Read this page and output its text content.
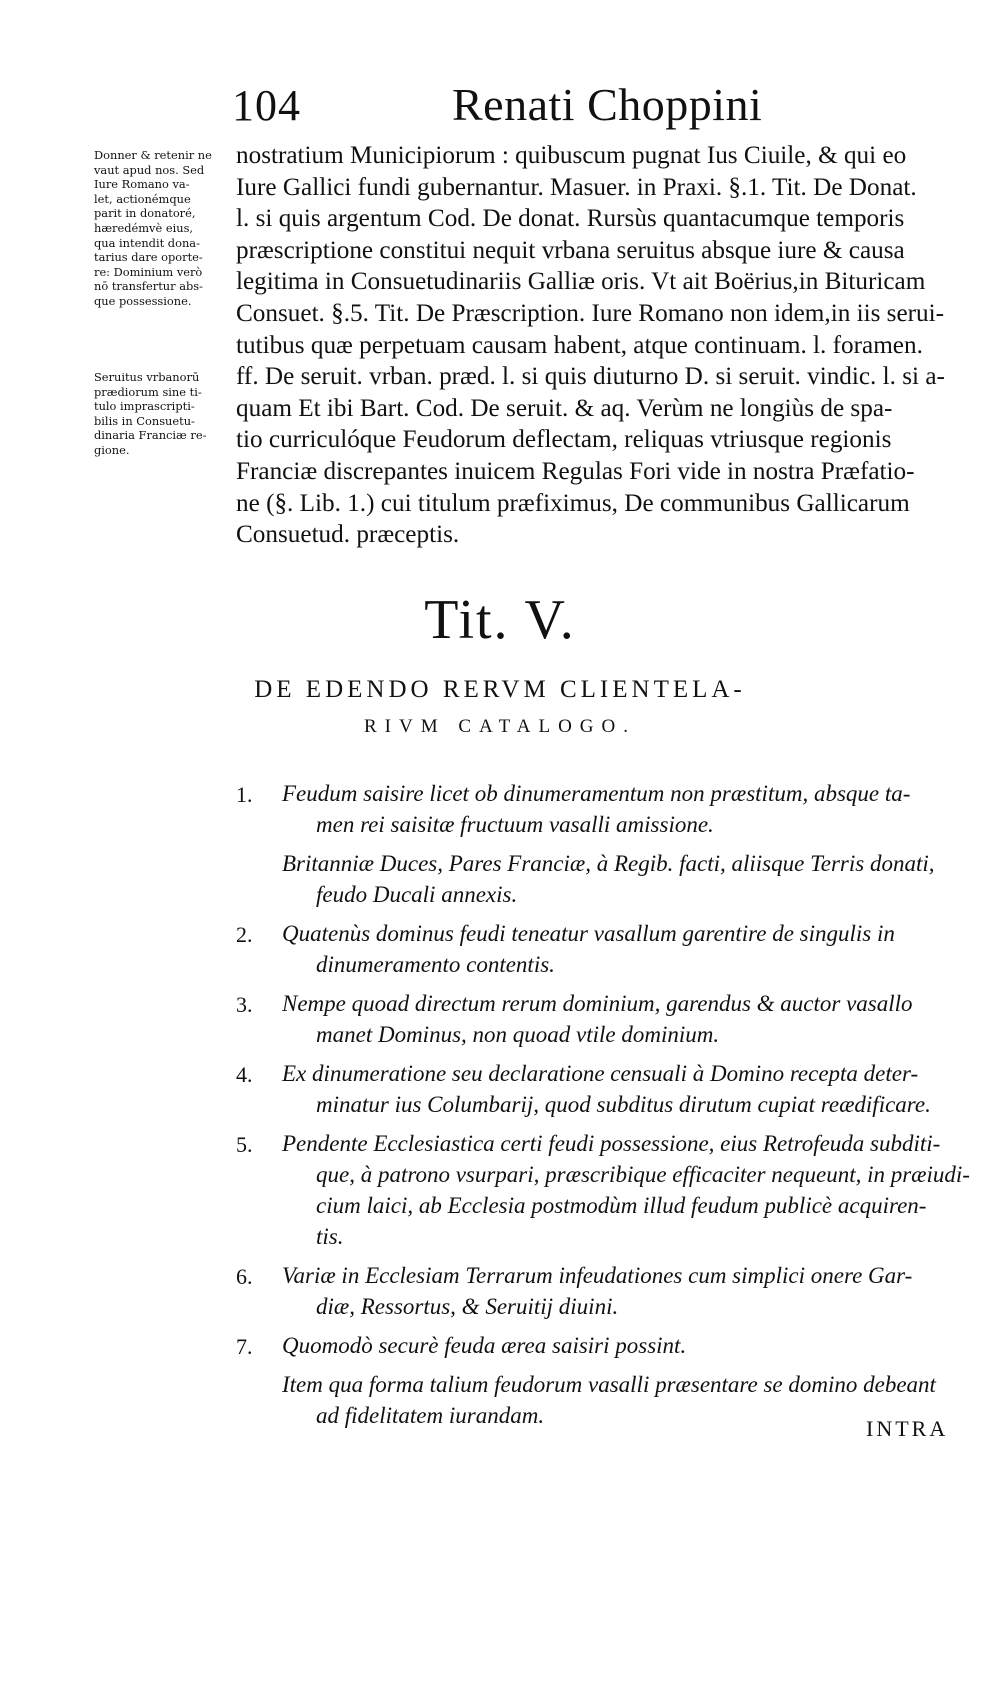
104	Renati Choppini
Donner & retenir ne
vaut apud nos. Sed
Iure Romano va-
let, actionémque
parit in donatoré,
hæredémvè eius,
qua intendit dona-
tarius dare oporte-
re: Dominium verò
nō transfertur abs-
que possessione.
Seruitus vrbanorū
prædiorum sine ti-
tulo imprascripti-
bilis in Consuetu-
dinaria Franciæ re-
gione.
nostratium Municipiorum : quibuscum pugnat Ius Ciuile, & qui eo
Iure Gallici fundi gubernantur. Masuer. in Praxi. §.1. Tit. De Donat.
l. si quis argentum Cod. De donat. Rursùs quantacumque temporis
præscriptione constitui nequit vrbana seruitus absque iure & causa
legitima in Consuetudinariis Galliæ oris. Vt ait Boërius,in Bituricam
Consuet. §.5. Tit. De Præscription. Iure Romano non idem,in iis serui-
tutibus quæ perpetuam causam habent, atque continuam. l. foramen.
ff. De seruit. vrban. præd. l. si quis diuturno D. si seruit. vindic. l. si a-
quam Et ibi Bart. Cod. De seruit. & aq. Verùm ne longiùs de spa-
tio curriculóque Feudorum deflectam, reliquas vtriusque regionis
Franciæ discrepantes inuicem Regulas Fori vide in nostra Præfatio-
ne (§. Lib. 1.) cui titulum præfiximus, De communibus Gallicarum
Consuetud. præceptis.
Tit. V.
DE EDENDO RERVM CLIENTELA-
RIVM CATALOGO.
1. Feudum saisire licet ob dinumeramentum non præstitum, absque ta-
men rei saisitæ fructuum vasalli amissione.
Britanniæ Duces, Pares Franciæ, à Regib. facti, aliisque Terris donati,
feudo Ducali annexis.
2. Quatenùs dominus feudi teneatur vasallum garentire de singulis in
dinumeramento contentis.
3. Nempe quoad directum rerum dominium, garendus & auctor vasallo
manet Dominus, non quoad vtile dominium.
4. Ex dinumeratione seu declaratione censuali à Domino recepta deter-
minatur ius Columbarij, quod subditus dirutum cupiat reædificare.
5. Pendente Ecclesiastica certi feudi possessione, eius Retrofeuda subditi-
que, à patrono vsurpari, præscribique efficaciter nequeunt, in præiudi-
cium laici, ab Ecclesia postmodùm illud feudum publicè acquiren-
tis.
6. Variæ in Ecclesiam Terrarum infeudationes cum simplici onere Gar-
diæ, Ressortus, & Seruitij diuini.
7. Quomodò securè feuda ærea saisiri possint.
Item qua forma talium feudorum vasalli præsentare se domino debeant
ad fidelitatem iurandam.
INTRA
